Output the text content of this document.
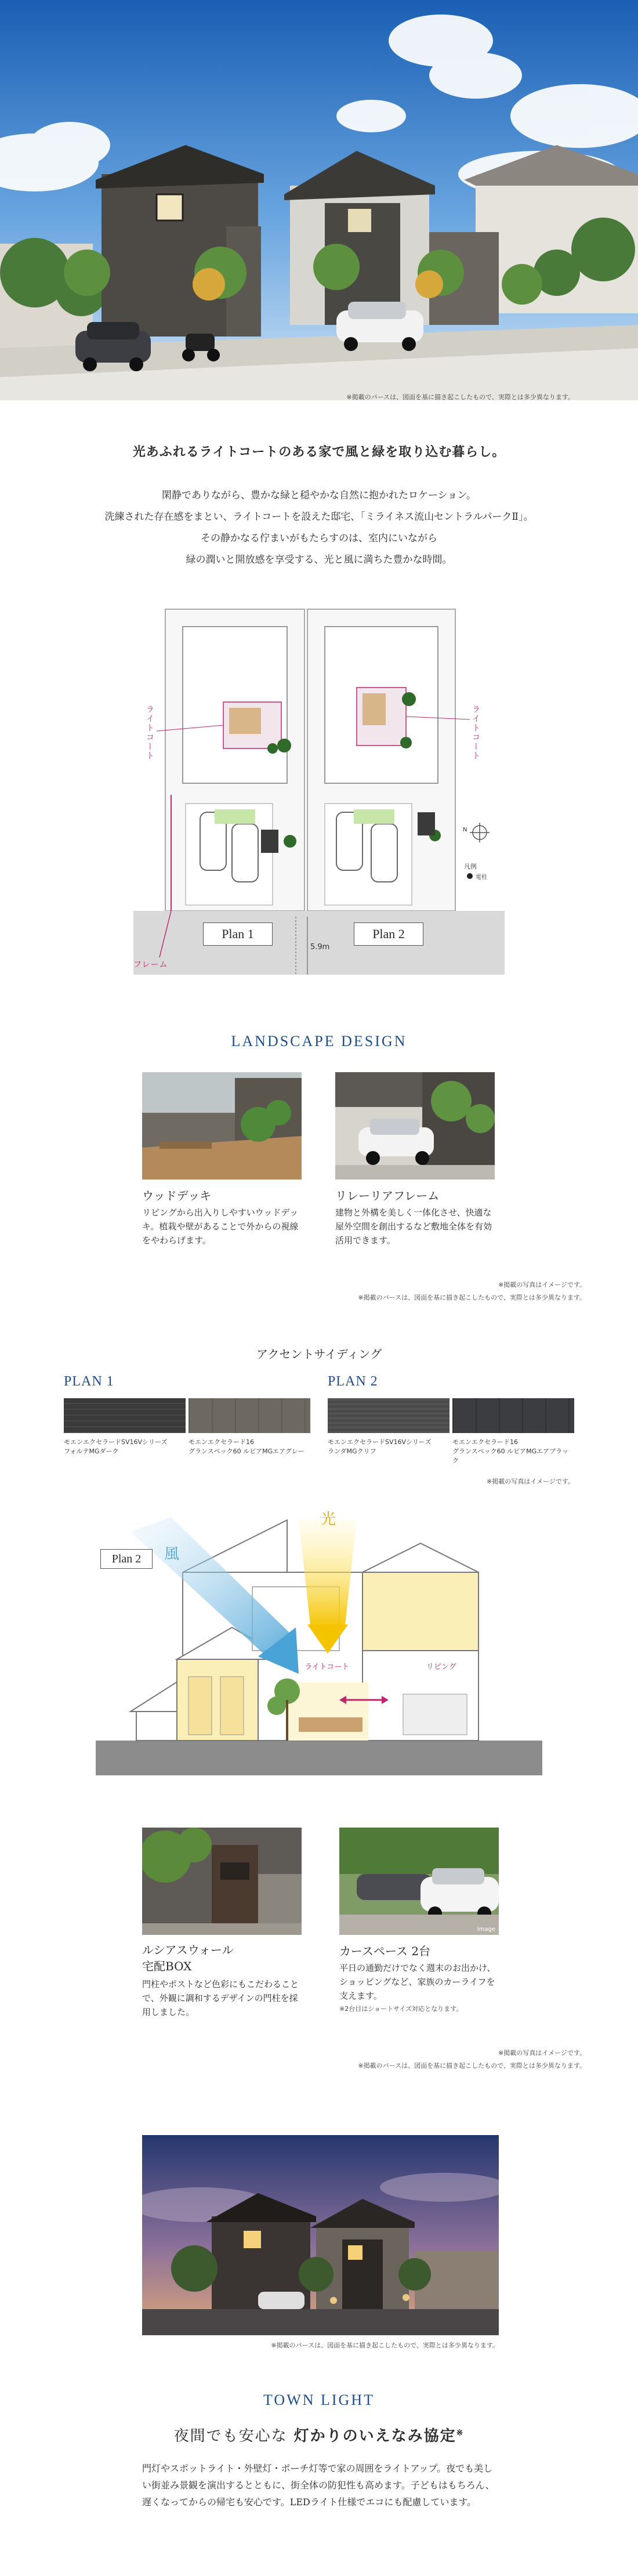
※掲載のパースは、図面を基に描き起こしたもので、実際とは多少異なります。
光あふれるライトコートのある家で風と緑を取り込む暮らし。
閑静でありながら、豊かな緑と穏やかな自然に抱かれたロケーション。
洗練された存在感をまとい、ライトコートを設えた邸宅、「ミライネス流山セントラルパークⅡ」。
その静かなる佇まいがもたらすのは、室内にいながら
緑の潤いと開放感を享受する、光と風に満ちた豊かな時間。
ライトコート	ライトコート
Plan 1	Plan 2
5.9m
フレーム
N
凡例
電柱
LANDSCAPE DESIGN
ウッドデッキ
リビングから出入りしやすいウッドデッキ。植栽や壁があることで外からの視線をやわらげます。
リレーリアフレーム
建物と外構を美しく一体化させ、快適な屋外空間を創出するなど敷地全体を有効活用できます。
※掲載の写真はイメージです。
※掲載のパースは、図面を基に描き起こしたもので、実際とは多少異なります。
アクセントサイディング
PLAN 1	PLAN 2
モエンエクセラードSV16Vシリーズ
フォルテMGダーク
モエンエクセラード16
グランスペック60 ルビアMGエアグレー
モエンエクセラードSV16Vシリーズ
ランダMGクリフ
モエンエクセラード16
グランスペック60 ルビアMGエアブラック
※掲載の写真はイメージです。
Plan 2	風
光
ライトコート	リビング
Image
ルシアスウォール
宅配BOX
門柱やポストなど色彩にもこだわることで、外観に調和するデザインの門柱を採用しました。
カースペース 2台
平日の通勤だけでなく週末のお出かけ、ショッピングなど、家族のカーライフを支えます。
※2台目はショートサイズ対応となります。
※掲載の写真はイメージです。
※掲載のパースは、図面を基に描き起こしたもので、実際とは多少異なります。
※掲載のパースは、図面を基に描き起こしたもので、実際とは多少異なります。
TOWN LIGHT
夜間でも安心な 灯かりのいえなみ協定※
門灯やスポットライト・外壁灯・ポーチ灯等で家の周囲をライトアップ。夜でも美しい街並み景観を演出するとともに、街全体の防犯性も高めます。子どもはもちろん、遅くなってからの帰宅も安心です。LEDライト仕様でエコにも配慮しています。
